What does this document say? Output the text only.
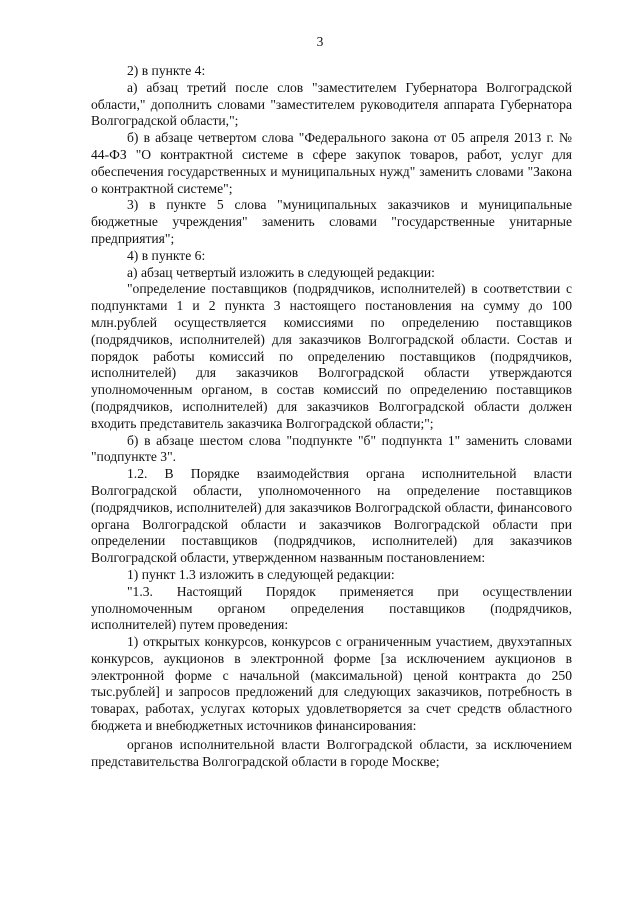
3

2) в пункте 4:

а) абзац третий после слов "заместителем Губернатора Волгоградской области," дополнить словами "заместителем руководителя аппарата Губернатора Волгоградской области,";

б) в абзаце четвертом слова "Федерального закона от 05 апреля 2013 г. № 44-ФЗ "О контрактной системе в сфере закупок товаров, работ, услуг для обеспечения государственных и муниципальных нужд" заменить словами "Закона о контрактной системе";

3) в пункте 5 слова "муниципальных заказчиков и муниципальные бюджетные учреждения" заменить словами "государственные унитарные предприятия";

4) в пункте 6:

а) абзац четвертый изложить в следующей редакции:

"определение поставщиков (подрядчиков, исполнителей) в соответствии с подпунктами 1 и 2 пункта 3 настоящего постановления на сумму до 100 млн.рублей осуществляется комиссиями по определению поставщиков (подрядчиков, исполнителей) для заказчиков Волгоградской области. Состав и порядок работы комиссий по определению поставщиков (подрядчиков, исполнителей) для заказчиков Волгоградской области утверждаются уполномоченным органом, в состав комиссий по определению поставщиков (подрядчиков, исполнителей) для заказчиков Волгоградской области должен входить представитель заказчика Волгоградской области;";

б) в абзаце шестом слова "подпункте "б" подпункта 1" заменить словами "подпункте 3".

1.2. В Порядке взаимодействия органа исполнительной власти Волгоградской области, уполномоченного на определение поставщиков (подрядчиков, исполнителей) для заказчиков Волгоградской области, финансового органа Волгоградской области и заказчиков Волгоградской области при определении поставщиков (подрядчиков, исполнителей) для заказчиков Волгоградской области, утвержденном названным постановлением:

1) пункт 1.3 изложить в следующей редакции:

"1.3. Настоящий Порядок применяется при осуществлении уполномоченным органом определения поставщиков (подрядчиков, исполнителей) путем проведения:

1) открытых конкурсов, конкурсов с ограниченным участием, двухэтапных конкурсов, аукционов в электронной форме [за исключением аукционов в электронной форме с начальной (максимальной) ценой контракта до 250 тыс.рублей] и запросов предложений для следующих заказчиков, потребность в товарах, работах, услугах которых удовлетворяется за счет средств областного бюджета и внебюджетных источников финансирования:

органов исполнительной власти Волгоградской области, за исключением представительства Волгоградской области в городе Москве;
